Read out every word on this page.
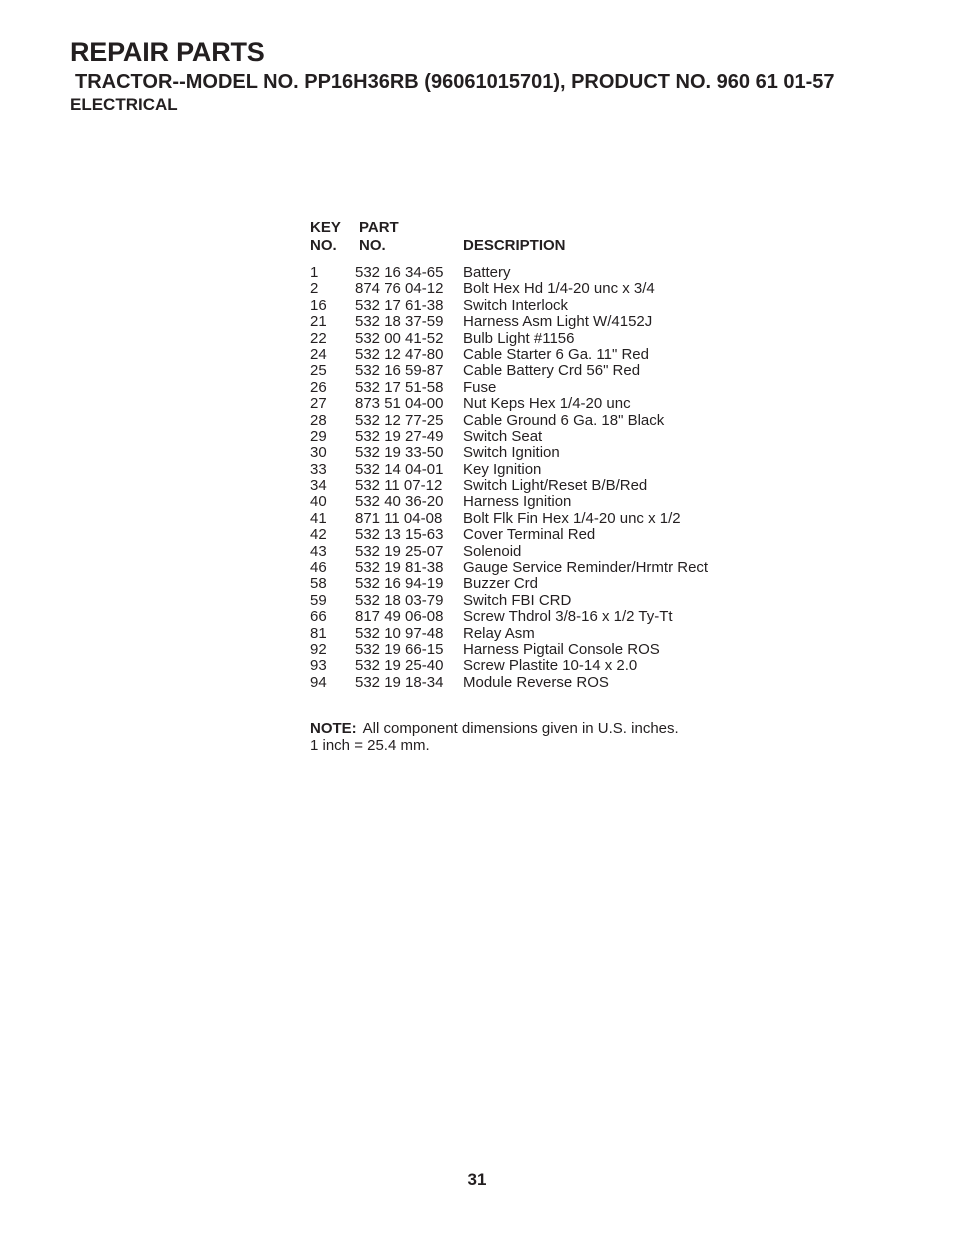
REPAIR PARTS
TRACTOR--MODEL NO. PP16H36RB (96061015701), PRODUCT NO. 960 61 01-57
ELECTRICAL
KEY
NO.
PART
NO.	DESCRIPTION
1 532 16 34-65 Battery
2 874 76 04-12 Bolt Hex Hd 1/4-20 unc x 3/4
16 532 17 61-38 Switch Interlock
21 532 18 37-59 Harness Asm Light W/4152J
22 532 00 41-52 Bulb Light #1156
24 532 12 47-80 Cable Starter 6 Ga. 11" Red
25 532 16 59-87 Cable Battery Crd 56" Red
26 532 17 51-58 Fuse
27 873 51 04-00 Nut Keps Hex 1/4-20 unc
28 532 12 77-25 Cable Ground 6 Ga. 18" Black
29 532 19 27-49 Switch Seat
30 532 19 33-50 Switch Ignition
33 532 14 04-01 Key Ignition
34 532 11 07-12 Switch Light/Reset B/B/Red
40 532 40 36-20 Harness Ignition
41 871 11 04-08 Bolt Flk Fin Hex 1/4-20 unc x 1/2
42 532 13 15-63 Cover Terminal Red
43 532 19 25-07 Solenoid
46 532 19 81-38 Gauge Service Reminder/Hrmtr Rect
58 532 16 94-19 Buzzer Crd
59 532 18 03-79 Switch FBI CRD
66 817 49 06-08 Screw Thdrol 3/8-16 x 1/2 Ty-Tt
81 532 10 97-48 Relay Asm
92 532 19 66-15 Harness Pigtail Console ROS
93 532 19 25-40 Screw Plastite 10-14 x 2.0
94 532 19 18-34 Module Reverse ROS
NOTE: All component dimensions given in U.S. inches.
1 inch = 25.4 mm.
31
